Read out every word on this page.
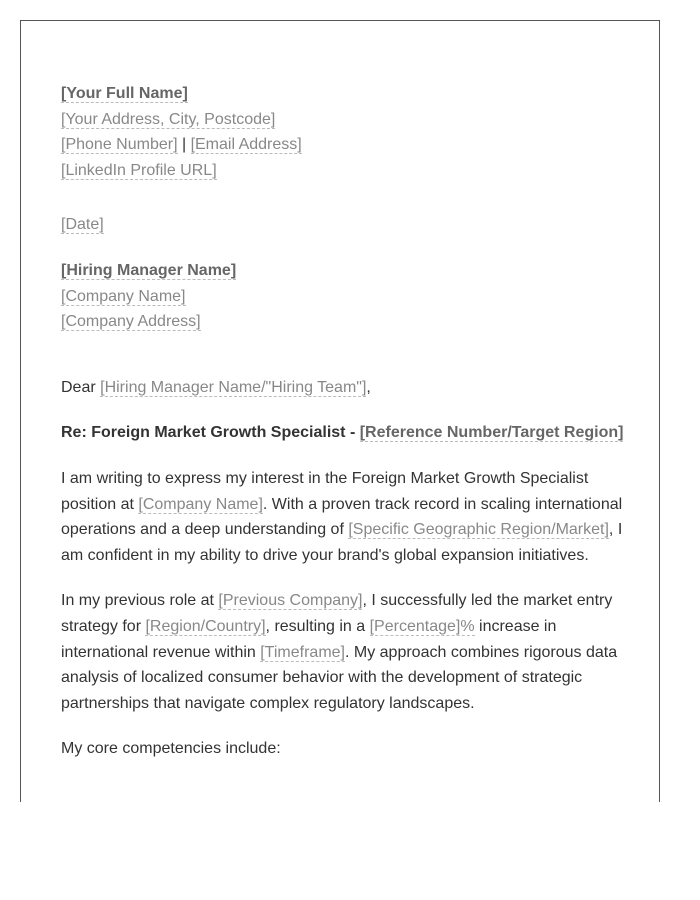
[Your Full Name]
[Your Address, City, Postcode]
[Phone Number] | [Email Address]
[LinkedIn Profile URL]
[Date]
[Hiring Manager Name]
[Company Name]
[Company Address]

Dear [Hiring Manager Name/"Hiring Team"],

Re: Foreign Market Growth Specialist - [Reference Number/Target Region]

I am writing to express my interest in the Foreign Market Growth Specialist position at [Company Name]. With a proven track record in scaling international operations and a deep understanding of [Specific Geographic Region/Market], I am confident in my ability to drive your brand's global expansion initiatives.

In my previous role at [Previous Company], I successfully led the market entry strategy for [Region/Country], resulting in a [Percentage]% increase in international revenue within [Timeframe]. My approach combines rigorous data analysis of localized consumer behavior with the development of strategic partnerships that navigate complex regulatory landscapes.

My core competencies include:
